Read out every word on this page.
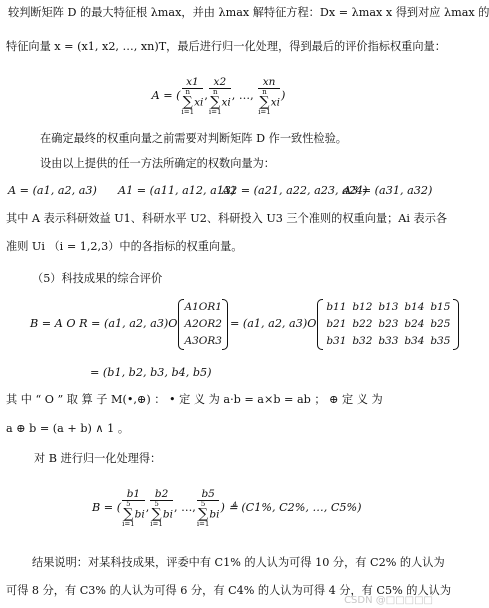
较判断矩阵 D 的最大特征根 λmax，并由 λmax 解特征方程：Dx = λmax x 得到对应 λmax 的
特征向量 x = (x1, x2, …, xn)T，最后进行归一化处理，得到最后的评价指标权重向量：
A = ( x1
n
∑
i=1xi , x2
n
∑
i=1xi , …, xn
n
∑
i=1xi )
在确定最终的权重向量之前需要对判断矩阵 D 作一致性检验。
设由以上提供的任一方法所确定的权数向量为：
A = (a1, a2, a3) A1 = (a11, a12, a13)
A2 = (a21, a22, a23, a24)
A3 = (a31, a32)
其中 A 表示科研效益 U1、科研水平 U2、科研投入 U3 三个准则的权重向量；Ai 表示各
准则 Ui （i = 1,2,3）中的各指标的权重向量。
（5）科技成果的综合评价
B = A O R = (a1, a2, a3)O
A1OR1
A2OR2
A3OR3
= (a1, a2, a3)O
b11 b12 b13 b14 b15
b21 b22 b23 b24 b25
b31 b32 b33 b34 b35
= (b1, b2, b3, b4, b5)
其 中 “ O ” 取 算 子 M(•,⊕) ： • 定 义 为 a·b = a×b = ab ； ⊕ 定 义 为
a ⊕ b = (a + b) ∧ 1 。
对 B 进行归一化处理得：
B = ( b1
5
∑
i=1bi , b2
5
∑
i=1bi , …, b5
5
∑
i=1bi ) ≜ (C1%, C2%, …, C5%)
结果说明：对某科技成果，评委中有 C1% 的人认为可得 10 分，有 C2% 的人认为
可得 8 分，有 C3% 的人认为可得 6 分，有 C4% 的人认为可得 4 分，有 C5% 的人认为
CSDN @□□□□□
